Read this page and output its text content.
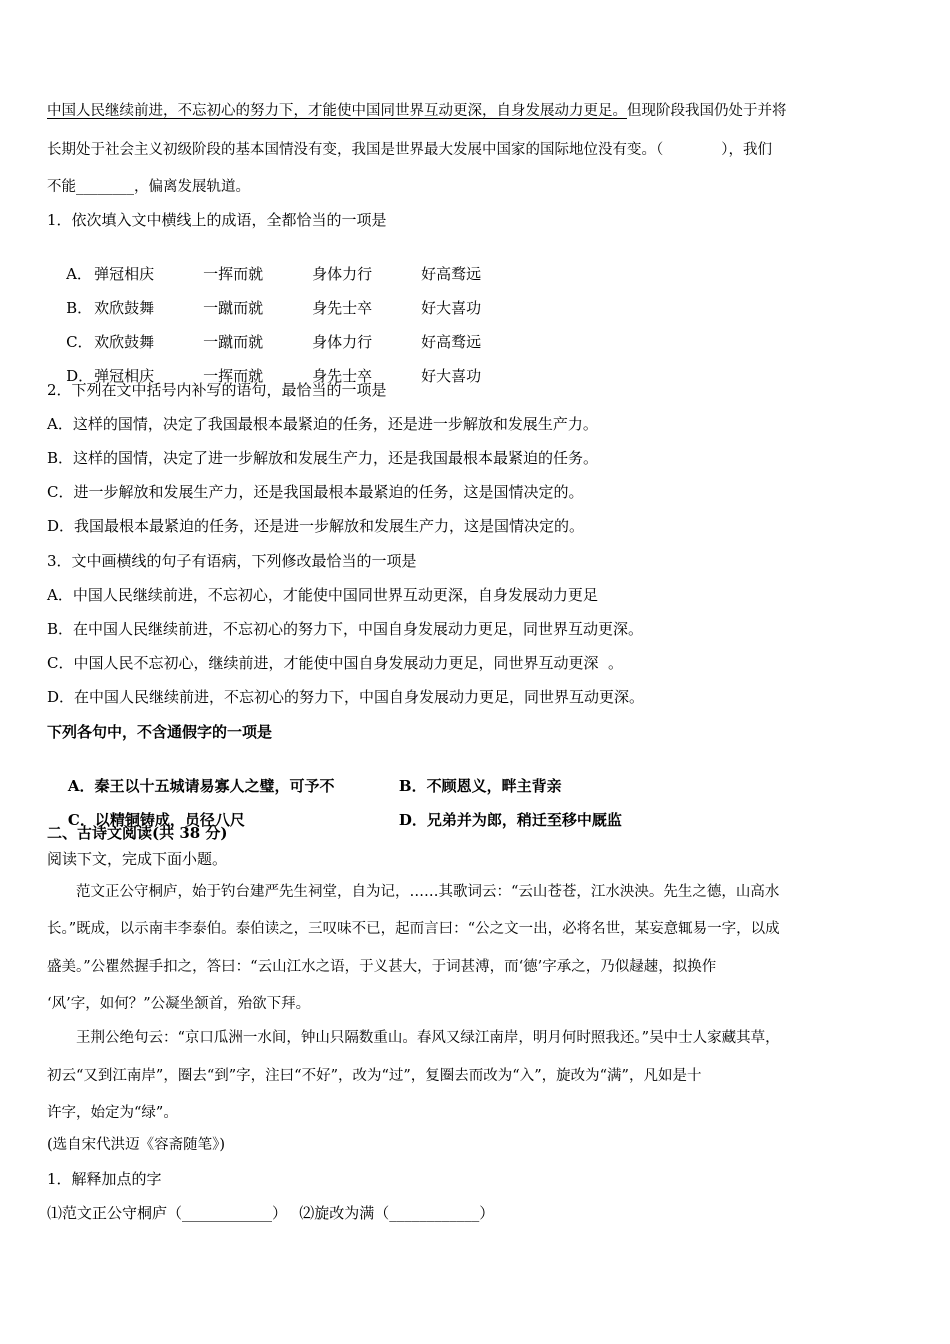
中国人民继续前进，不忘初心的努力下，才能使中国同世界互动更深，自身发展动力更足。但现阶段我国仍处于并将
长期处于社会主义初级阶段的基本国情没有变，我国是世界最大发展中国家的国际地位没有变。（　　　　），我们
不能________，偏离发展轨道。
1．依次填入文中横线上的成语，全都恰当的一项是

A． 弹冠相庆	一挥而就	身体力行	好高骛远

B． 欢欣鼓舞	一蹴而就	身先士卒	好大喜功

C． 欢欣鼓舞	一蹴而就	身体力行	好高骛远

D．弹冠相庆	一挥而就	身先士卒	好大喜功

2．下列在文中括号内补写的语句，最恰当的一项是
A．这样的国情，决定了我国最根本最紧迫的任务，还是进一步解放和发展生产力。
B．这样的国情，决定了进一步解放和发展生产力，还是我国最根本最紧迫的任务。
C．进一步解放和发展生产力，还是我国最根本最紧迫的任务，这是国情决定的。
D．我国最根本最紧迫的任务，还是进一步解放和发展生产力，这是国情决定的。
3．文中画横线的句子有语病，下列修改最恰当的一项是
A．中国人民继续前进，不忘初心，才能使中国同世界互动更深，自身发展动力更足
B．在中国人民继续前进，不忘初心的努力下，中国自身发展动力更足，同世界互动更深。
C．中国人民不忘初心，继续前进，才能使中国自身发展动力更足，同世界互动更深  。
D．在中国人民继续前进，不忘初心的努力下，中国自身发展动力更足，同世界互动更深。
下列各句中，不含通假字的一项是

A．秦王以十五城请易寡人之璧，可予不	B．不顾恩义，畔主背亲

C．以精铜铸成，员径八尺	D．兄弟并为郎，稍迁至移中厩监

二、古诗文阅读(共 38 分)
阅读下文，完成下面小题。
　　范文正公守桐庐，始于钓台建严先生祠堂，自为记，……其歌词云：“云山苍苍，江水泱泱。先生之德，山高水
长。”既成，以示南丰李泰伯。泰伯读之，三叹味不已，起而言曰：“公之文一出，必将名世，某妄意辄易一字，以成
盛美。”公瞿然握手扣之，答曰：“云山江水之语，于义甚大，于词甚溥，而‘德’字承之，乃似趢趚，拟换作
‘风’字，如何？”公凝坐颔首，殆欲下拜。
　　王荆公绝句云：“京口瓜洲一水间，钟山只隔数重山。春风又绿江南岸，明月何时照我还。”吴中士人家藏其草，
初云“又到江南岸”，圈去“到”字，注曰“不好”，改为“过”，复圈去而改为“入”，旋改为“满”，凡如是十
许字，始定为“绿”。
(选自宋代洪迈《容斋随笔》)
1．解释加点的字
⑴范文正公守桐庐（____________）　 ⑵旋改为满（____________）
